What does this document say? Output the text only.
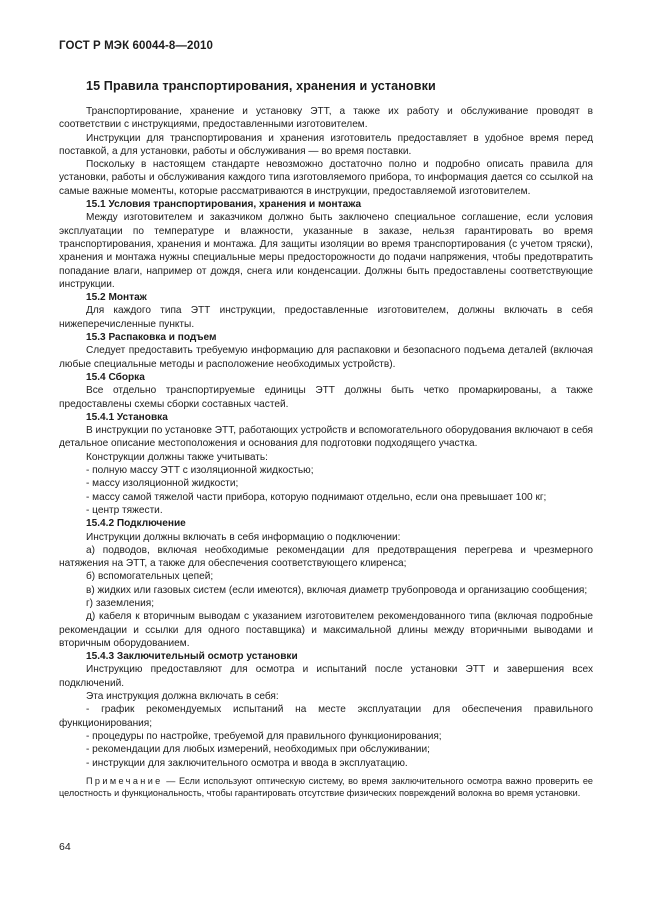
ГОСТ Р МЭК 60044-8—2010
15 Правила транспортирования, хранения и установки

Транспортирование, хранение и установку ЭТТ, а также их работу и обслуживание проводят в соответствии с инструкциями, предоставленными изготовителем.

Инструкции для транспортирования и хранения изготовитель предоставляет в удобное время перед поставкой, а для установки, работы и обслуживания — во время поставки.

Поскольку в настоящем стандарте невозможно достаточно полно и подробно описать правила для установки, работы и обслуживания каждого типа изготовляемого прибора, то информация дается со ссылкой на самые важные моменты, которые рассматриваются в инструкции, предоставляемой изготовителем.

15.1 Условия транспортирования, хранения и монтажа

Между изготовителем и заказчиком должно быть заключено специальное соглашение, если условия эксплуатации по температуре и влажности, указанные в заказе, нельзя гарантировать во время транспортирования, хранения и монтажа. Для защиты изоляции во время транспортирования (с учетом тряски), хранения и монтажа нужны специальные меры предосторожности до подачи напряжения, чтобы предотвратить попадание влаги, например от дождя, снега или конденсации. Должны быть предоставлены соответствующие инструкции.

15.2 Монтаж

Для каждого типа ЭТТ инструкции, предоставленные изготовителем, должны включать в себя нижеперечисленные пункты.

15.3 Распаковка и подъем

Следует предоставить требуемую информацию для распаковки и безопасного подъема деталей (включая любые специальные методы и расположение необходимых устройств).

15.4 Сборка

Все отдельно транспортируемые единицы ЭТТ должны быть четко промаркированы, а также предоставлены схемы сборки составных частей.

15.4.1 Установка

В инструкции по установке ЭТТ, работающих устройств и вспомогательного оборудования включают в себя детальное описание местоположения и основания для подготовки подходящего участка.

Конструкции должны также учитывать:

- полную массу ЭТТ с изоляционной жидкостью;

- массу изоляционной жидкости;

- массу самой тяжелой части прибора, которую поднимают отдельно, если она превышает 100 кг;

- центр тяжести.

15.4.2 Подключение

Инструкции должны включать в себя информацию о подключении:

а) подводов, включая необходимые рекомендации для предотвращения перегрева и чрезмерного натяжения на ЭТТ, а также для обеспечения соответствующего клиренса;

б) вспомогательных цепей;

в) жидких или газовых систем (если имеются), включая диаметр трубопровода и организацию сообщения;

г) заземления;

д) кабеля к вторичным выводам с указанием изготовителем рекомендованного типа (включая подробные рекомендации и ссылки для одного поставщика) и максимальной длины между вторичными выводами и вторичным оборудованием.

15.4.3 Заключительный осмотр установки

Инструкцию предоставляют для осмотра и испытаний после установки ЭТТ и завершения всех подключений.

Эта инструкция должна включать в себя:

- график рекомендуемых испытаний на месте эксплуатации для обеспечения правильного функционирования;

- процедуры по настройке, требуемой для правильного функционирования;

- рекомендации для любых измерений, необходимых при обслуживании;

- инструкции для заключительного осмотра и ввода в эксплуатацию.

Примечание — Если используют оптическую систему, во время заключительного осмотра важно проверить ее целостность и функциональность, чтобы гарантировать отсутствие физических повреждений волокна во время установки.
64
